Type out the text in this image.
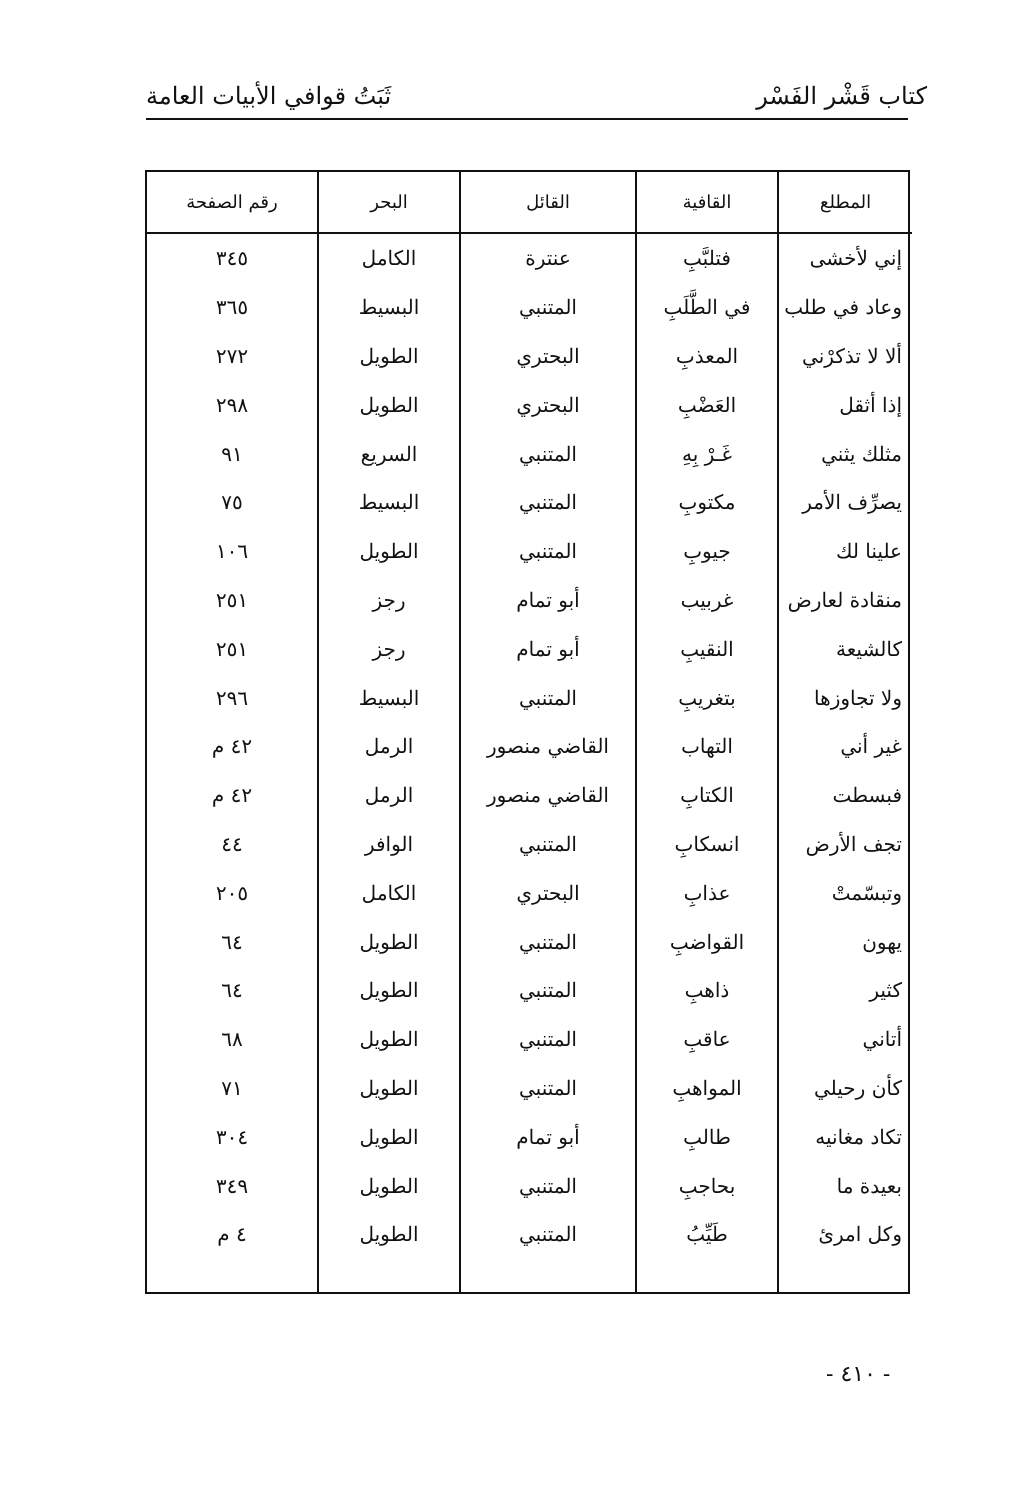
كتاب قَشْر الفَسْر
ثَبَتُ قوافي الأبيات العامة
المطلع	القافية	القائل	البحر	رقم الصفحة
إني لأخشى	فتلبَّبِ	عنترة	الكامل	٣٤٥
وعاد في طلب	في الطَّلَبِ	المتنبي	البسيط	٣٦٥
ألا لا تذكرْني	المعذبِ	البحتري	الطويل	٢٧٢
إذا أثقل	العَضْبِ	البحتري	الطويل	٢٩٨
مثلك يثني	غَـرْ بِهِ	المتنبي	السريع	٩١
يصرِّف الأمر	مكتوبِ	المتنبي	البسيط	٧٥
علينا لك	جيوبِ	المتنبي	الطويل	١٠٦
منقادة لعارض	غربيب	أبو تمام	رجز	٢٥١
كالشيعة	النقيبِ	أبو تمام	رجز	٢٥١
ولا تجاوزها	بتغريبِ	المتنبي	البسيط	٢٩٦
غير أني	التهاب	القاضي منصور	الرمل	٤٢ م
فبسطت	الكتابِ	القاضي منصور	الرمل	٤٢ م
تجف الأرض	انسكابِ	المتنبي	الوافر	٤٤
وتبسّمتْ	عذابِ	البحتري	الكامل	٢٠٥
يهون	القواضبِ	المتنبي	الطويل	٦٤
كثير	ذاهبِ	المتنبي	الطويل	٦٤
أتاني	عاقبِ	المتنبي	الطويل	٦٨
كأن رحيلي	المواهبِ	المتنبي	الطويل	٧١
تكاد مغانيه	طالبِ	أبو تمام	الطويل	٣٠٤
بعيدة ما	بحاجبِ	المتنبي	الطويل	٣٤٩
وكل امرئ	طَيِّبُ	المتنبي	الطويل	٤ م

- ٤١٠ -
